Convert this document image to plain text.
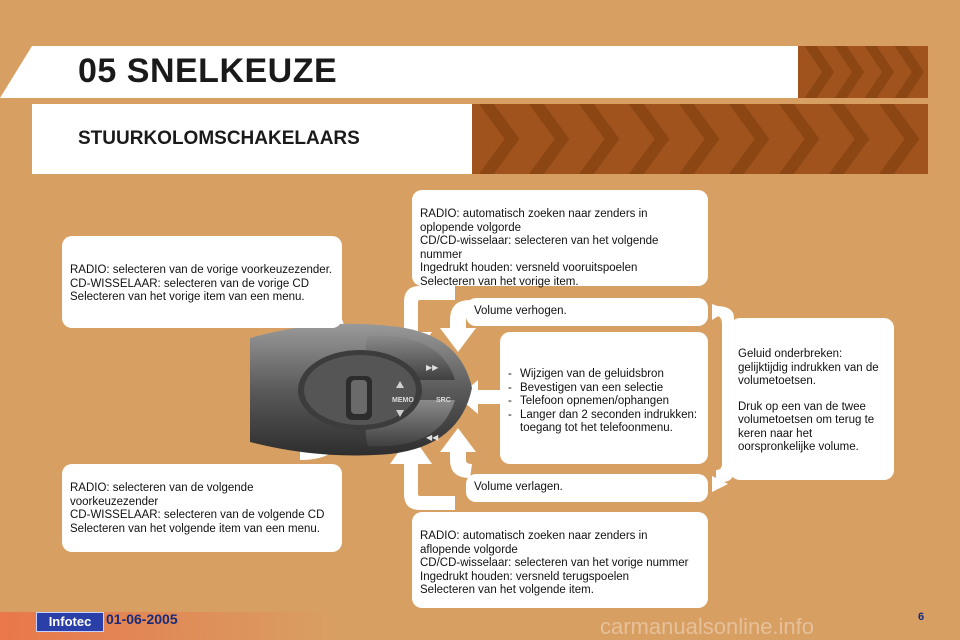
05 SNELKEUZE
STUURKOLOMSCHAKELAARS
MEMO	SRC
▶▶
◀◀

RADIO: selecteren van de vorige voorkeuzezender.

CD-WISSELAAR: selecteren van de vorige CD

Selecteren van het vorige item van een menu.

RADIO: selecteren van de volgende voorkeuzezender

CD-WISSELAAR: selecteren van de volgende CD

Selecteren van het volgende item van een menu.

RADIO: automatisch zoeken naar zenders in oplopende volgorde

CD/CD-wisselaar: selecteren van het volgende nummer

Ingedrukt houden: versneld vooruitspoelen

Selecteren van het vorige item.

RADIO: automatisch zoeken naar zenders in aflopende volgorde

CD/CD-wisselaar: selecteren van het vorige nummer

Ingedrukt houden: versneld terugspoelen

Selecteren van het volgende item.

Volume verhogen.

Volume verlagen.

- Wijzigen van de geluidsbron
- Bevestigen van een selectie
- Telefoon opnemen/ophangen
- Langer dan 2 seconden indrukken: toegang tot het telefoonmenu.

Geluid onderbreken: gelijktijdig indrukken van de volumetoetsen.

Druk op een van de twee volumetoetsen om terug te keren naar het oorspronkelijke volume.

Infotec	01-06-2005	carmanualsonline.info	6
